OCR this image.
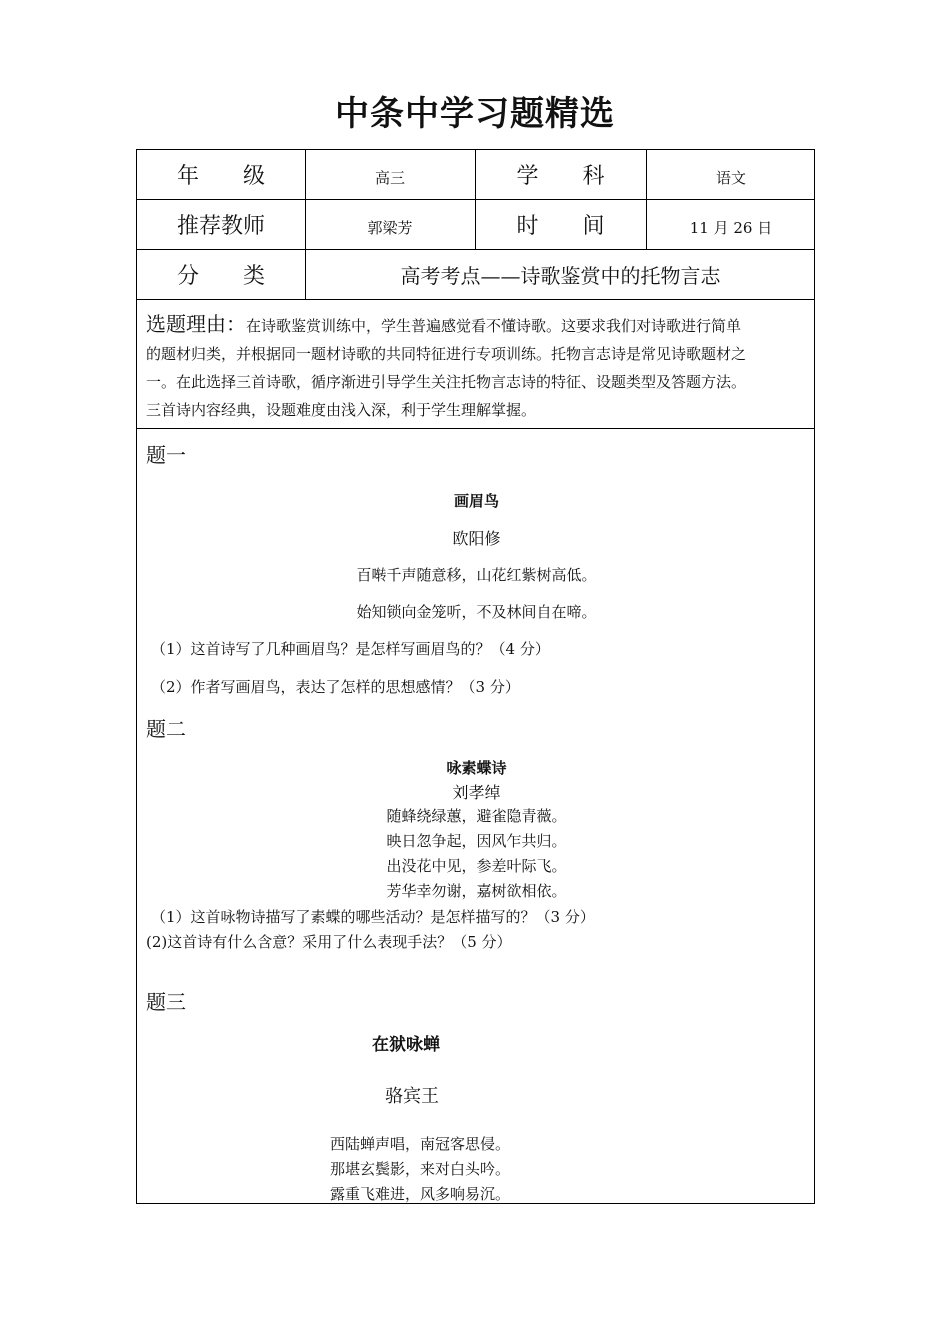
中条中学习题精选
年 级	高三	学 科	语文
推荐教师	郭梁芳	时 间	11 月 26 日
分 类	高考考点——诗歌鉴赏中的托物言志
选题理由：在诗歌鉴赏训练中，学生普遍感觉看不懂诗歌。这要求我们对诗歌进行简单
的题材归类，并根据同一题材诗歌的共同特征进行专项训练。托物言志诗是常见诗歌题材之
一。在此选择三首诗歌，循序渐进引导学生关注托物言志诗的特征、设题类型及答题方法。
三首诗内容经典，设题难度由浅入深，利于学生理解掌握。
题一
画眉鸟
欧阳修
百啭千声随意移，山花红紫树高低。
始知锁向金笼听，不及林间自在啼。
（1）这首诗写了几种画眉鸟？是怎样写画眉鸟的？（4 分）
（2）作者写画眉鸟，表达了怎样的思想感情？（3 分）
题二
咏素蝶诗
刘孝绰
随蜂绕绿蕙，避雀隐青薇。
映日忽争起，因风乍共归。
出没花中见，参差叶际飞。
芳华幸勿谢，嘉树欲相依。
（1）这首咏物诗描写了素蝶的哪些活动？是怎样描写的？（3 分）
(2)这首诗有什么含意？采用了什么表现手法？（5 分）
题三
在狱咏蝉
骆宾王
西陆蝉声唱，南冠客思侵。
那堪玄鬓影，来对白头吟。
露重飞难进，风多响易沉。
